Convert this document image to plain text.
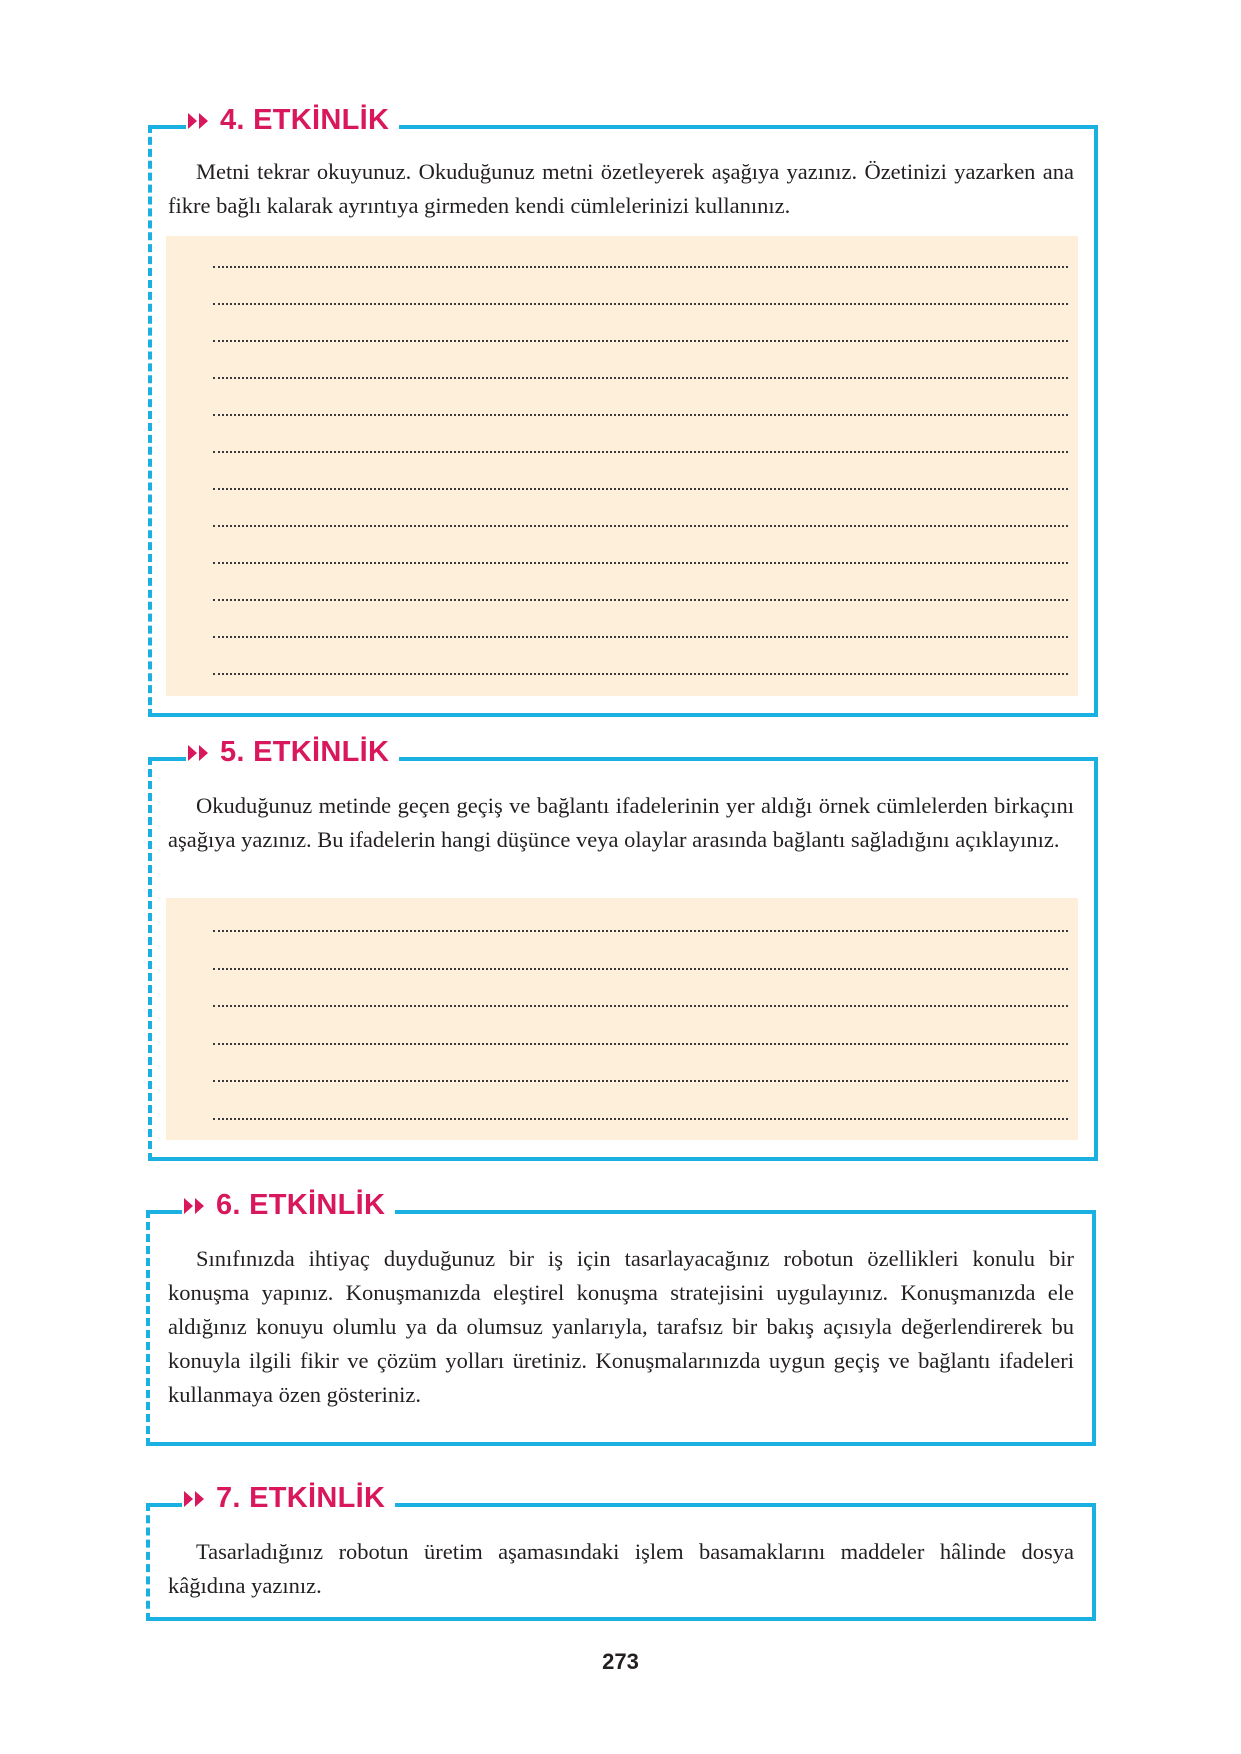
4. ETKİNLİK

Metni tekrar okuyunuz. Okuduğunuz metni özetleyerek aşağıya yazınız. Özetinizi yazarken ana fikre bağlı kalarak ayrıntıya girmeden kendi cümlelerinizi kullanınız.

5. ETKİNLİK

Okuduğunuz metinde geçen geçiş ve bağlantı ifadelerinin yer aldığı örnek cümlelerden birkaçını aşağıya yazınız. Bu ifadelerin hangi düşünce veya olaylar arasında bağlantı sağladığını açıklayınız.

6. ETKİNLİK

Sınıfınızda ihtiyaç duyduğunuz bir iş için tasarlayacağınız robotun özellikleri konulu bir konuşma yapınız. Konuşmanızda eleştirel konuşma stratejisini uygulayınız. Konuşmanızda ele aldığınız konuyu olumlu ya da olumsuz yanlarıyla, tarafsız bir bakış açısıyla değerlendirerek bu konuyla ilgili fikir ve çözüm yolları üretiniz. Konuşmalarınızda uygun geçiş ve bağlantı ifadeleri kullanmaya özen gösteriniz.

7. ETKİNLİK

Tasarladığınız robotun üretim aşamasındaki işlem basamaklarını maddeler hâlinde dosya kâğıdına yazınız.

273
